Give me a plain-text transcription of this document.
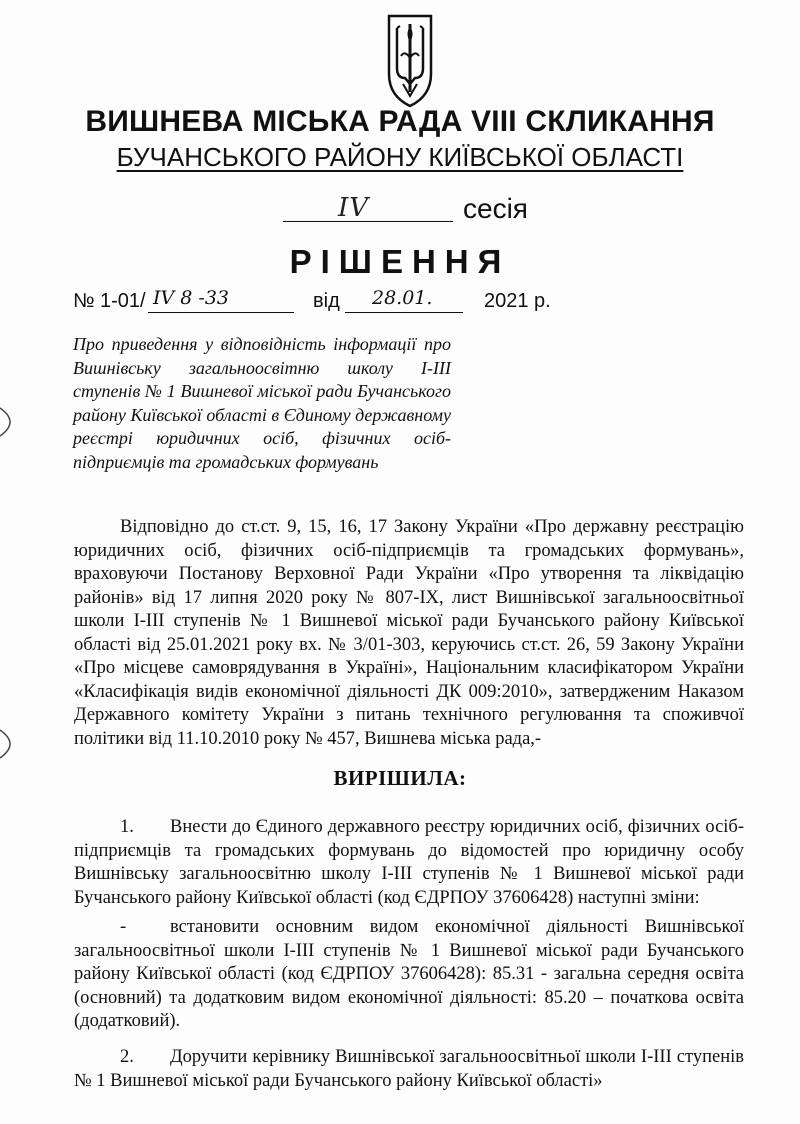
ВИШНЕВА МІСЬКА РАДА VIII СКЛИКАННЯ
БУЧАНСЬКОГО РАЙОНУ КИЇВСЬКОЇ ОБЛАСТІ
IV	сесія
РІШЕННЯ
№ 1-01/ IV 8 -33	від 28.01.	2021 р.
Про приведення у відповідність інформації про Вишнівську загальноосвітню школу І-ІІІ ступенів № 1 Вишневої міської ради Бучанського району Київської області в Єдиному державному реєстрі юридичних осіб, фізичних осіб-підприємців та громадських формувань
Відповідно до ст.ст. 9, 15, 16, 17 Закону України «Про державну реєстрацію юридичних осіб, фізичних осіб-підприємців та громадських формувань», враховуючи Постанову Верховної Ради України «Про утворення та ліквідацію районів» від 17 липня 2020 року № 807-IX, лист Вишнівської загальноосвітньої школи І-ІІІ ступенів № 1 Вишневої міської ради Бучанського району Київської області від 25.01.2021 року вх. № 3/01-303, керуючись ст.ст. 26, 59 Закону України «Про місцеве самоврядування в Україні», Національним класифікатором України «Класифікація видів економічної діяльності ДК 009:2010», затвердженим Наказом Державного комітету України з питань технічного регулювання та споживчої політики від 11.10.2010 року № 457, Вишнева міська рада,-
ВИРІШИЛА:
1. Внести до Єдиного державного реєстру юридичних осіб, фізичних осіб-підприємців та громадських формувань до відомостей про юридичну особу Вишнівську загальноосвітню школу І-ІІІ ступенів № 1 Вишневої міської ради Бучанського району Київської області (код ЄДРПОУ 37606428) наступні зміни:
- встановити основним видом економічної діяльності Вишнівської загальноосвітньої школи І-ІІІ ступенів № 1 Вишневої міської ради Бучанського району Київської області (код ЄДРПОУ 37606428): 85.31 - загальна середня освіта (основний) та додатковим видом економічної діяльності: 85.20 – початкова освіта (додатковий).
2. Доручити керівнику Вишнівської загальноосвітньої школи І-ІІІ ступенів № 1 Вишневої міської ради Бучанського району Київської області»
